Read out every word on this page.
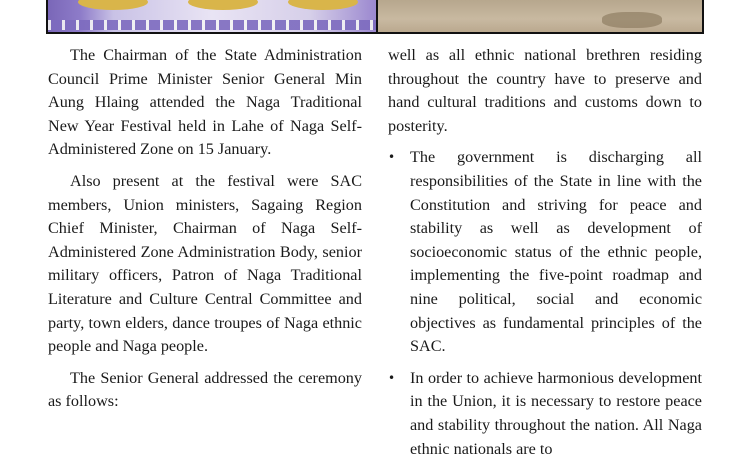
The Chairman of the State Administration Council Prime Minister Senior General Min Aung Hlaing attended the Naga Traditional New Year Festival held in Lahe of Naga Self-Administered Zone on 15 January.

Also present at the festival were SAC members, Union ministers, Sagaing Region Chief Minister, Chairman of Naga Self-Administered Zone Administration Body, senior military officers, Patron of Naga Traditional Literature and Culture Central Committee and party, town elders, dance troupes of Naga ethnic people and Naga people.

The Senior General addressed the ceremony as follows:

well as all ethnic national brethren residing throughout the country have to preserve and hand cultural traditions and customs down to posterity.

• The government is discharging all responsibilities of the State in line with the Constitution and striving for peace and stability as well as development of socioeconomic status of the ethnic people, implementing the five-point roadmap and nine political, social and economic objectives as fundamental principles of the SAC.
• In order to achieve harmonious development in the Union, it is necessary to restore peace and stability throughout the nation. All Naga ethnic nationals are to
